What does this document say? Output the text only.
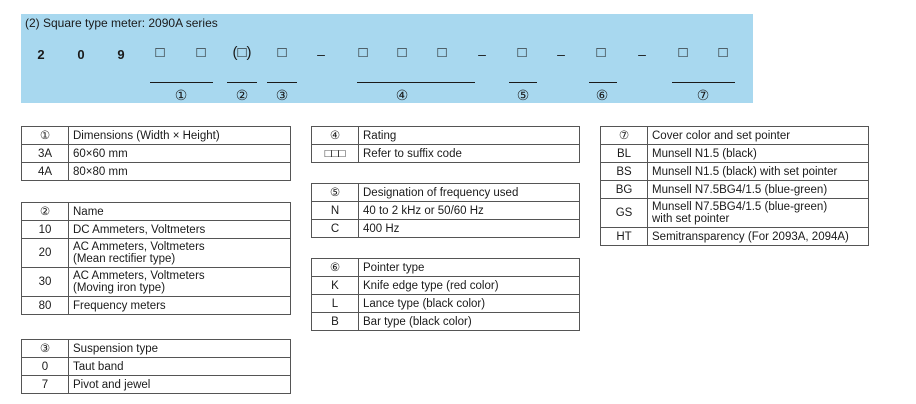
(2) Square type meter: 2090A series
2	0	9 □ □ (□) □ – □ □ □ – □ – □ – □ □
①	② ③	④	⑤	⑥	⑦
①	Dimensions (Width × Height)
3A	60×60 mm
4A	80×80 mm
②	Name
10	DC Ammeters, Voltmeters
20	AC Ammeters, Voltmeters
(Mean rectifier type)
30	AC Ammeters, Voltmeters
(Moving iron type)
80	Frequency meters
③	Suspension type
0	Taut band
7	Pivot and jewel
④	Rating
□□□	Refer to suffix code
⑤	Designation of frequency used
N	40 to 2 kHz or 50/60 Hz
C	400 Hz
⑥	Pointer type
K	Knife edge type (red color)
L	Lance type (black color)
B	Bar type (black color)
⑦	Cover color and set pointer
BL	Munsell N1.5 (black)
BS	Munsell N1.5 (black) with set pointer
BG	Munsell N7.5BG4/1.5 (blue-green)
GS	Munsell N7.5BG4/1.5 (blue-green)
with set pointer
HT	Semitransparency (For 2093A, 2094A)
